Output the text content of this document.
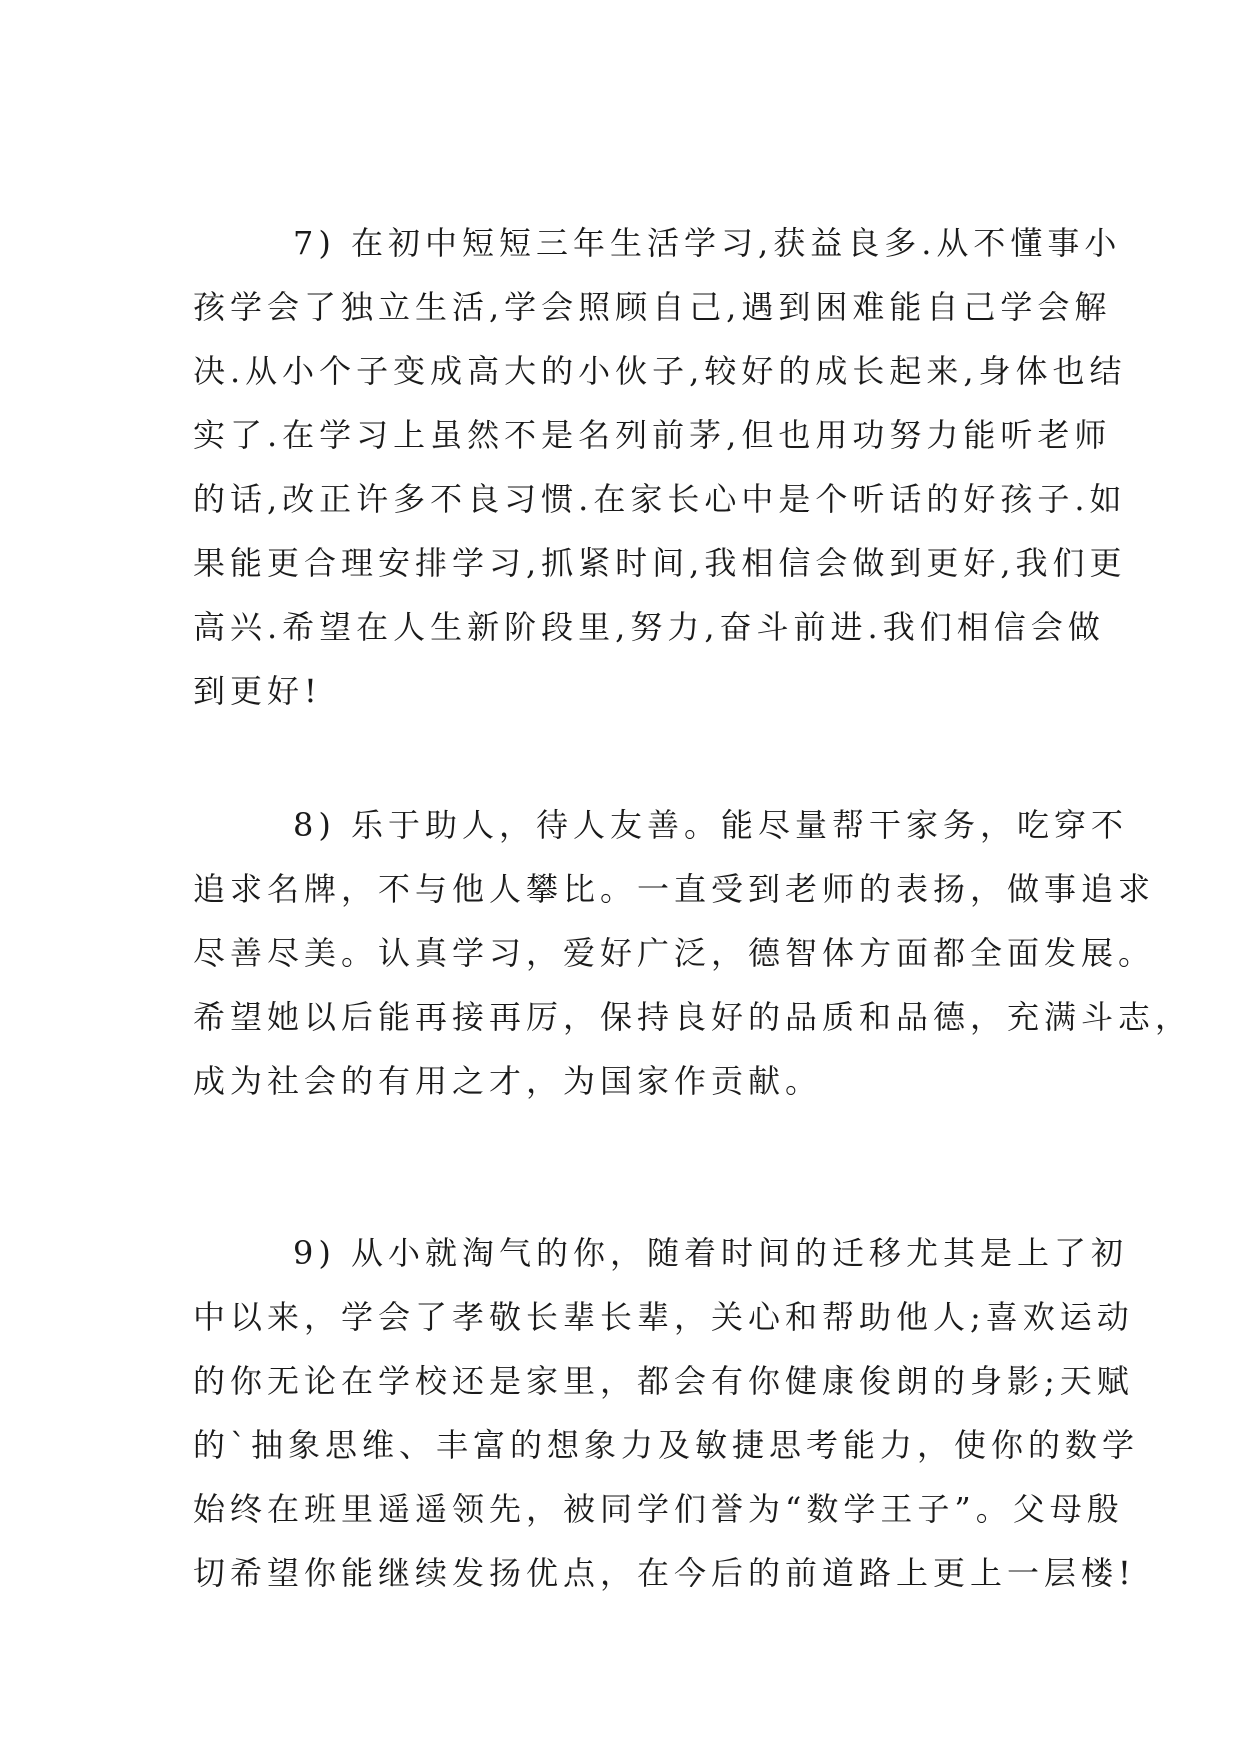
7) 在初中短短三年生活学习,获益良多.从不懂事小
孩学会了独立生活,学会照顾自己,遇到困难能自己学会解
决.从小个子变成高大的小伙子,较好的成长起来,身体也结
实了.在学习上虽然不是名列前茅,但也用功努力能听老师
的话,改正许多不良习惯.在家长心中是个听话的好孩子.如
果能更合理安排学习,抓紧时间,我相信会做到更好,我们更
高兴.希望在人生新阶段里,努力,奋斗前进.我们相信会做
到更好!
8) 乐于助人，待人友善。能尽量帮干家务，吃穿不
追求名牌，不与他人攀比。一直受到老师的表扬，做事追求
尽善尽美。认真学习，爱好广泛，德智体方面都全面发展。
希望她以后能再接再厉，保持良好的品质和品德，充满斗志，
成为社会的有用之才，为国家作贡献。
9) 从小就淘气的你，随着时间的迁移尤其是上了初
中以来，学会了孝敬长辈长辈，关心和帮助他人;喜欢运动
的你无论在学校还是家里，都会有你健康俊朗的身影;天赋
的`抽象思维、丰富的想象力及敏捷思考能力，使你的数学
始终在班里遥遥领先，被同学们誉为“数学王子”。父母殷
切希望你能继续发扬优点，在今后的前道路上更上一层楼!
